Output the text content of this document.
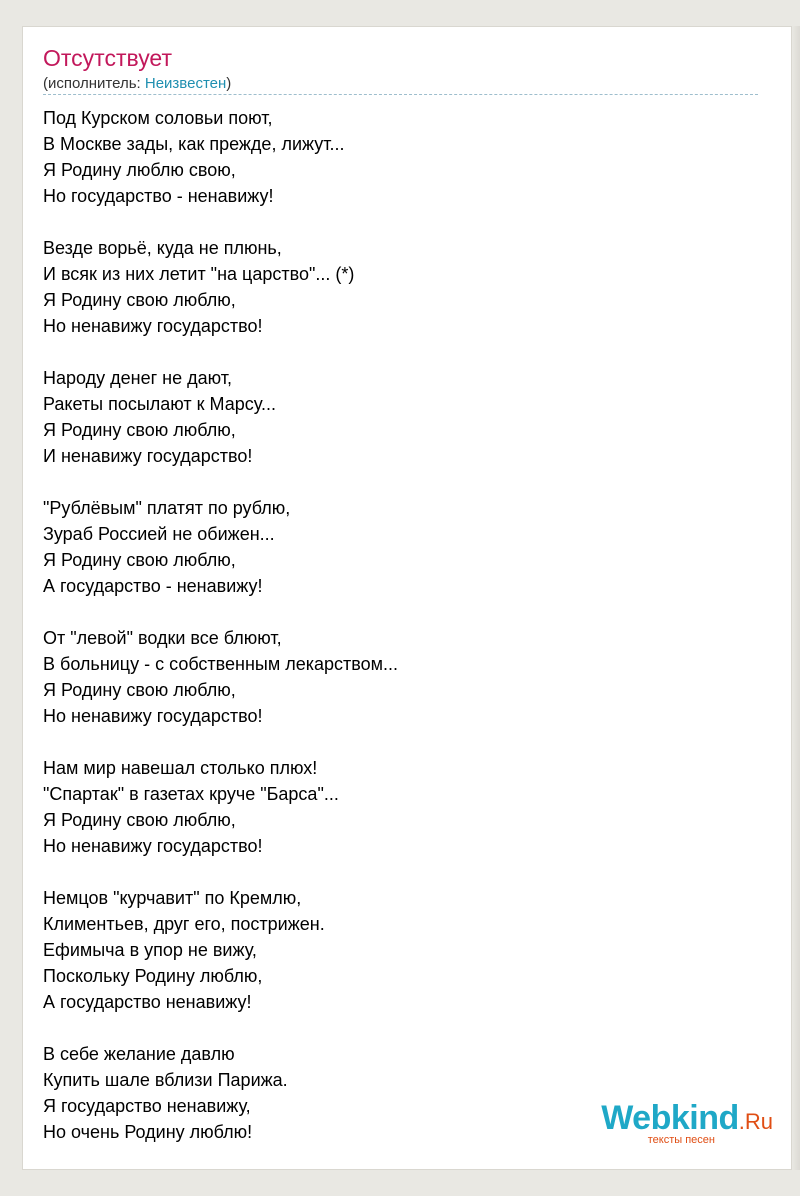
Отсутствует
(исполнитель: Неизвестен)
Под Курском соловьи поют,
В Москве зады, как прежде, лижут...
Я Родину люблю свою,
Но государство - ненавижу!
Везде ворьё, куда не плюнь,
И всяк из них летит "на царство"... (*)
Я Родину свою люблю,
Но ненавижу государство!
Народу денег не дают,
Ракеты посылают к Марсу...
Я Родину свою люблю,
И ненавижу государство!
"Рублёвым" платят по рублю,
Зураб Россией не обижен...
Я Родину свою люблю,
А государство - ненавижу!
От "левой" водки все блюют,
В больницу - с собственным лекарством...
Я Родину свою люблю,
Но ненавижу государство!
Нам мир навешал столько плюх!
"Спартак" в газетах круче "Барса"...
Я Родину свою люблю,
Но ненавижу государство!
Немцов "курчавит" по Кремлю,
Климентьев, друг его, пострижен.
Ефимыча в упор не вижу,
Поскольку Родину люблю,
А государство ненавижу!
В себе желание давлю
Купить шале вблизи Парижа.
Я государство ненавижу,
Но очень Родину люблю!	Webkind.Ru
тексты песен
